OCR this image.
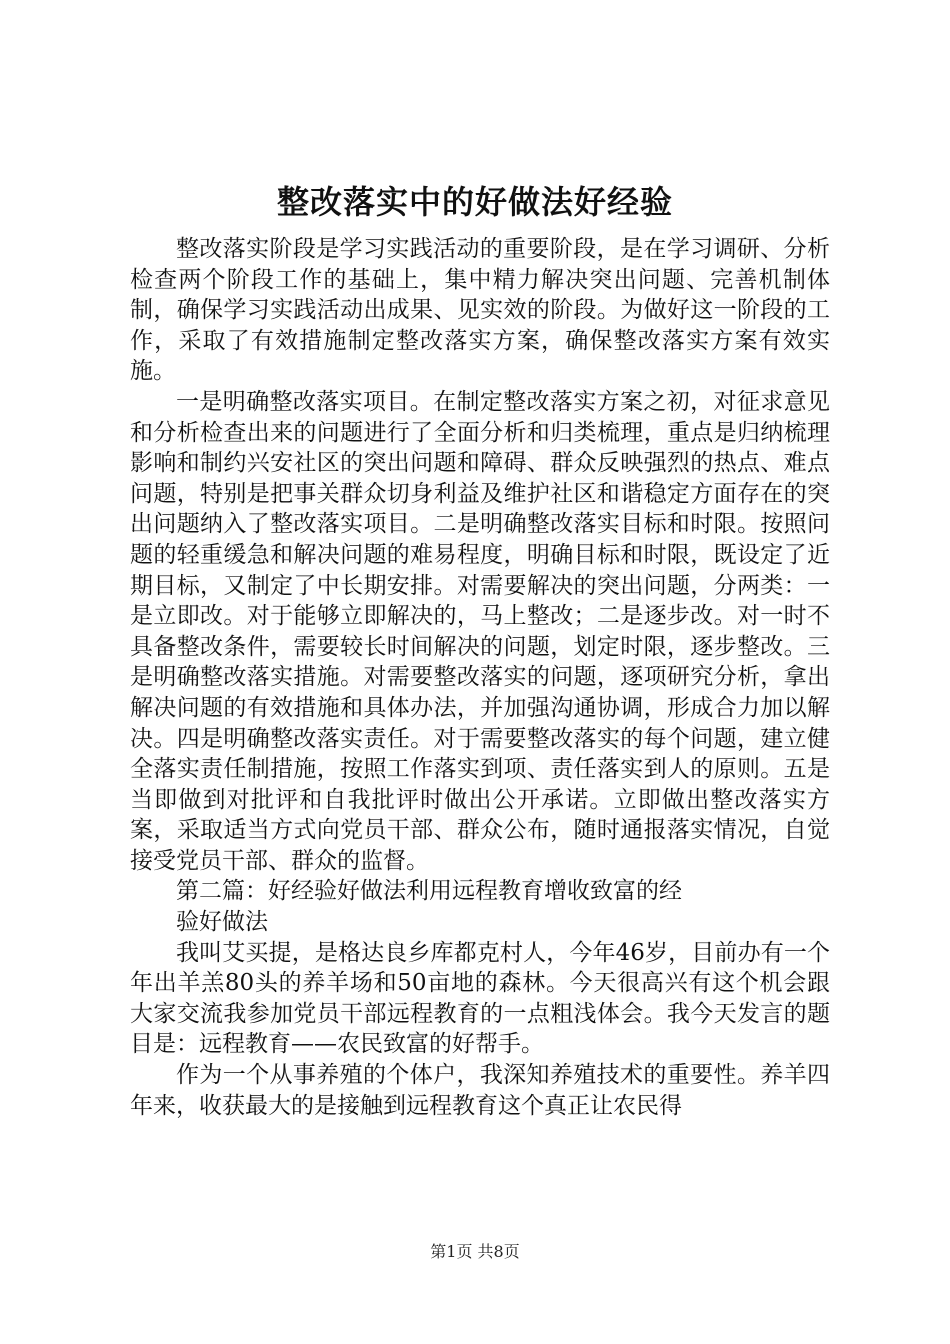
整改落实中的好做法好经验

整改落实阶段是学习实践活动的重要阶段，是在学习调研、分析检查两个阶段工作的基础上，集中精力解决突出问题、完善机制体制，确保学习实践活动出成果、见实效的阶段。为做好这一阶段的工作，采取了有效措施制定整改落实方案，确保整改落实方案有效实施。

一是明确整改落实项目。在制定整改落实方案之初，对征求意见和分析检查出来的问题进行了全面分析和归类梳理，重点是归纳梳理影响和制约兴安社区的突出问题和障碍、群众反映强烈的热点、难点问题，特别是把事关群众切身利益及维护社区和谐稳定方面存在的突出问题纳入了整改落实项目。二是明确整改落实目标和时限。按照问题的轻重缓急和解决问题的难易程度，明确目标和时限，既设定了近期目标，又制定了中长期安排。对需要解决的突出问题，分两类：一是立即改。对于能够立即解决的，马上整改；二是逐步改。对一时不具备整改条件，需要较长时间解决的问题，划定时限，逐步整改。三是明确整改落实措施。对需要整改落实的问题，逐项研究分析，拿出解决问题的有效措施和具体办法，并加强沟通协调，形成合力加以解决。四是明确整改落实责任。对于需要整改落实的每个问题，建立健全落实责任制措施，按照工作落实到项、责任落实到人的原则。五是当即做到对批评和自我批评时做出公开承诺。立即做出整改落实方案，采取适当方式向党员干部、群众公布，随时通报落实情况，自觉接受党员干部、群众的监督。

第二篇：好经验好做法利用远程教育增收致富的经

验好做法

我叫艾买提，是格达良乡库都克村人，今年46岁，目前办有一个年出羊羔80头的养羊场和50亩地的森林。今天很高兴有这个机会跟大家交流我参加党员干部远程教育的一点粗浅体会。我今天发言的题目是：远程教育——农民致富的好帮手。

作为一个从事养殖的个体户，我深知养殖技术的重要性。养羊四年来，收获最大的是接触到远程教育这个真正让农民得

第1页 共8页
